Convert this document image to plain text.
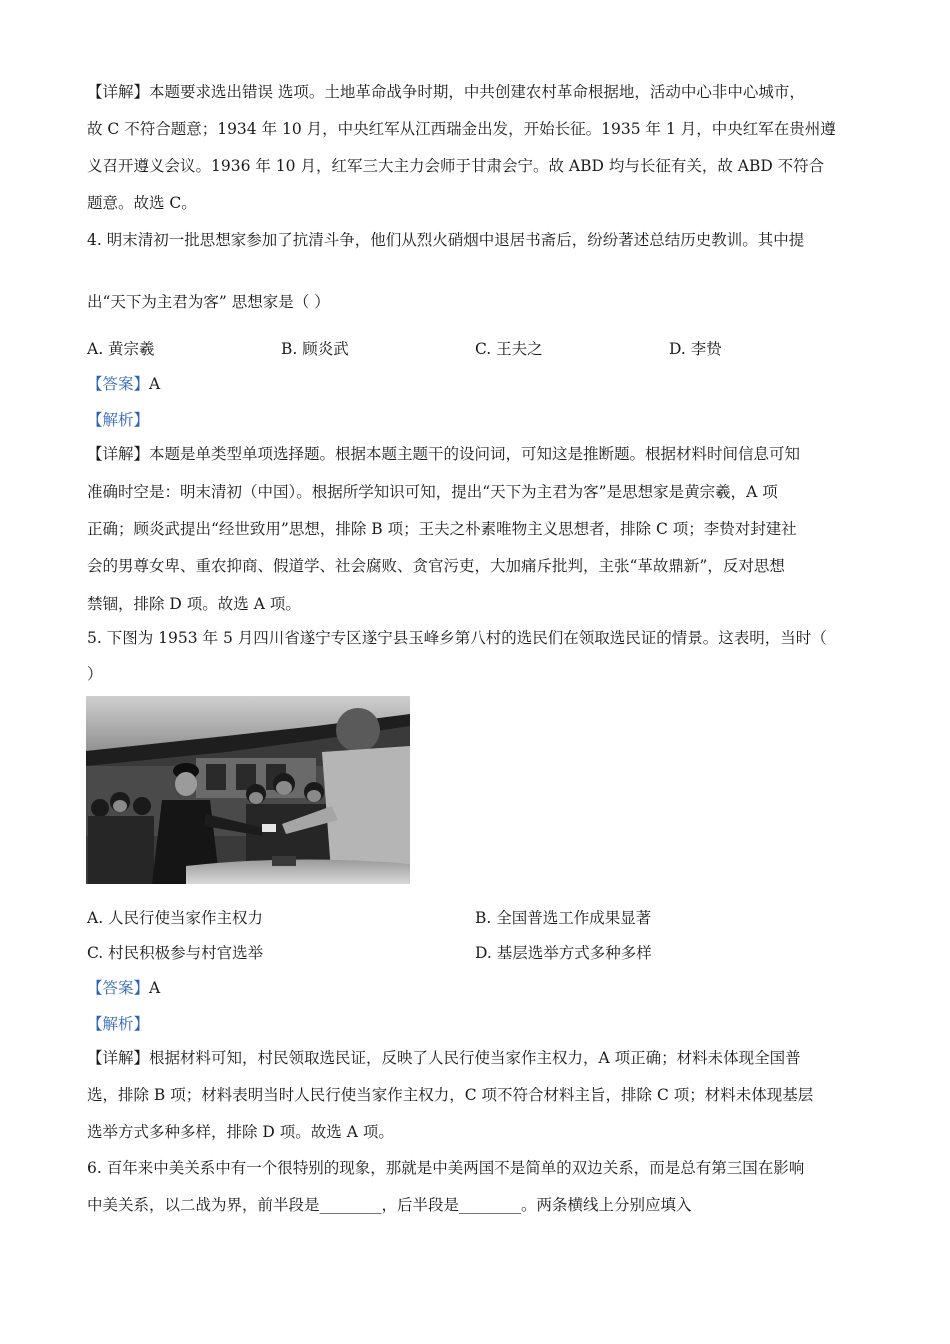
【详解】本题要求选出错误 选项。土地革命战争时期，中共创建农村革命根据地，活动中心非中心城市，
故 C 不符合题意；1934 年 10 月，中央红军从江西瑞金出发，开始长征。1935 年 1 月，中央红军在贵州遵
义召开遵义会议。1936 年 10 月，红军三大主力会师于甘肃会宁。故 ABD 均与长征有关，故 ABD 不符合
题意。故选 C。
4. 明末清初一批思想家参加了抗清斗争，他们从烈火硝烟中退居书斋后，纷纷著述总结历史教训。其中提
出“天下为主君为客” 思想家是（ ）
A. 黄宗羲	B. 顾炎武	C. 王夫之	D. 李贽
【答案】A
【解析】
【详解】本题是单类型单项选择题。根据本题主题干的设问词，可知这是推断题。根据材料时间信息可知
准确时空是：明末清初（中国）。根据所学知识可知，提出“天下为主君为客”是思想家是黄宗羲，A 项
正确；顾炎武提出“经世致用”思想，排除 B 项；王夫之朴素唯物主义思想者，排除 C 项；李贽对封建社
会的男尊女卑、重农抑商、假道学、社会腐败、贪官污吏，大加痛斥批判，主张“革故鼎新”，反对思想
禁锢，排除 D 项。故选 A 项。
5. 下图为 1953 年 5 月四川省遂宁专区遂宁县玉峰乡第八村的选民们在领取选民证的情景。这表明，当时（
）
A. 人民行使当家作主权力	B. 全国普选工作成果显著
C. 村民积极参与村官选举	D. 基层选举方式多种多样
【答案】A
【解析】
【详解】根据材料可知，村民领取选民证，反映了人民行使当家作主权力，A 项正确；材料未体现全国普
选，排除 B 项；材料表明当时人民行使当家作主权力，C 项不符合材料主旨，排除 C 项；材料未体现基层
选举方式多种多样，排除 D 项。故选 A 项。
6. 百年来中美关系中有一个很特别的现象，那就是中美两国不是简单的双边关系，而是总有第三国在影响
中美关系，以二战为界，前半段是________，后半段是________。两条横线上分别应填入
